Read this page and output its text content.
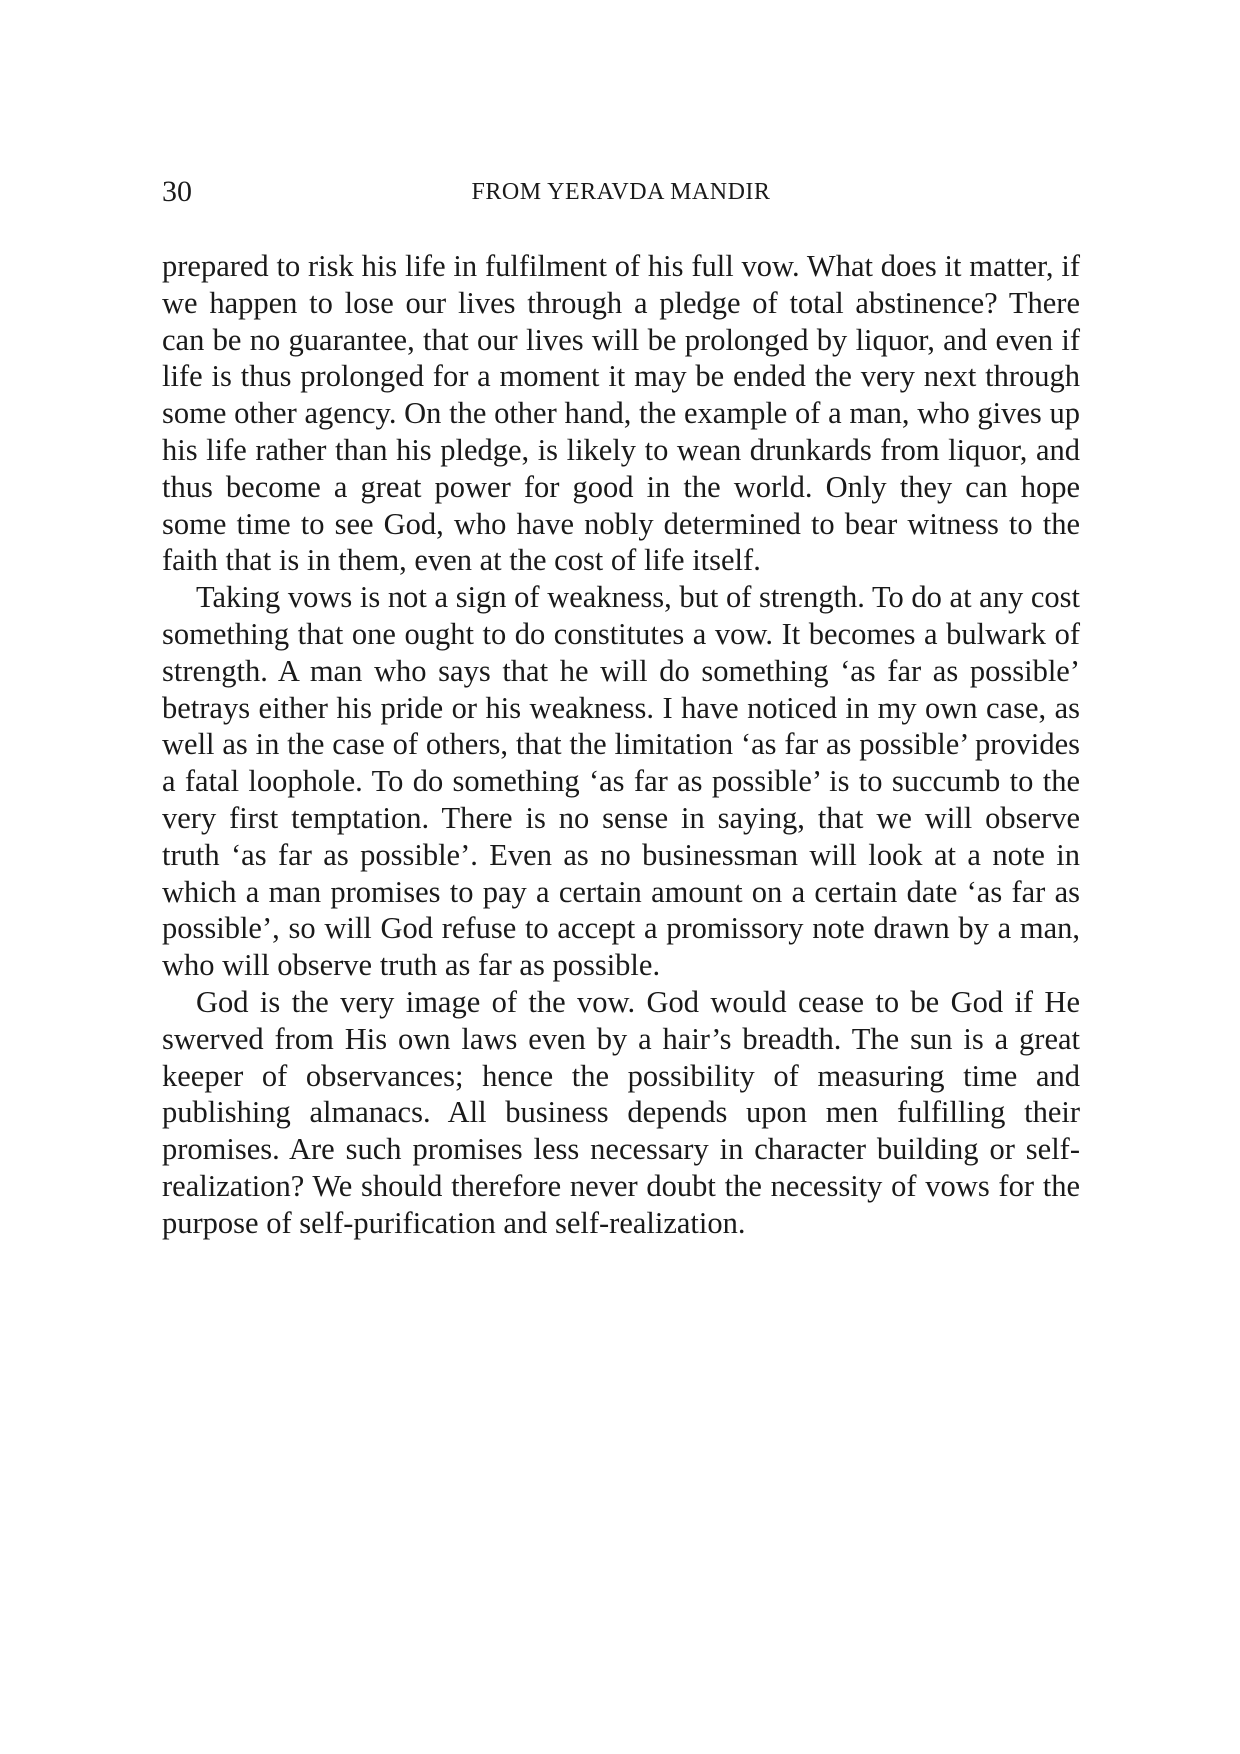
30	FROM YERAVDA MANDIR

prepared to risk his life in fulfilment of his full vow. What does it matter, if we happen to lose our lives through a pledge of total abstinence? There can be no guarantee, that our lives will be prolonged by liquor, and even if life is thus prolonged for a moment it may be ended the very next through some other agency. On the other hand, the example of a man, who gives up his life rather than his pledge, is likely to wean drunkards from liquor, and thus become a great power for good in the world. Only they can hope some time to see God, who have nobly determined to bear witness to the faith that is in them, even at the cost of life itself.

Taking vows is not a sign of weakness, but of strength. To do at any cost something that one ought to do constitutes a vow. It becomes a bulwark of strength. A man who says that he will do something ‘as far as possible’ betrays either his pride or his weakness. I have noticed in my own case, as well as in the case of others, that the limitation ‘as far as possible’ provides a fatal loophole. To do something ‘as far as possible’ is to succumb to the very first temptation. There is no sense in saying, that we will observe truth ‘as far as possible’. Even as no businessman will look at a note in which a man promises to pay a certain amount on a certain date ‘as far as possible’, so will God refuse to accept a promissory note drawn by a man, who will observe truth as far as possible.

God is the very image of the vow. God would cease to be God if He swerved from His own laws even by a hair’s breadth. The sun is a great keeper of observances; hence the possibility of measuring time and publishing almanacs. All business depends upon men fulfilling their promises. Are such promises less necessary in character building or self-realization? We should therefore never doubt the necessity of vows for the purpose of self-purification and self-realization.
